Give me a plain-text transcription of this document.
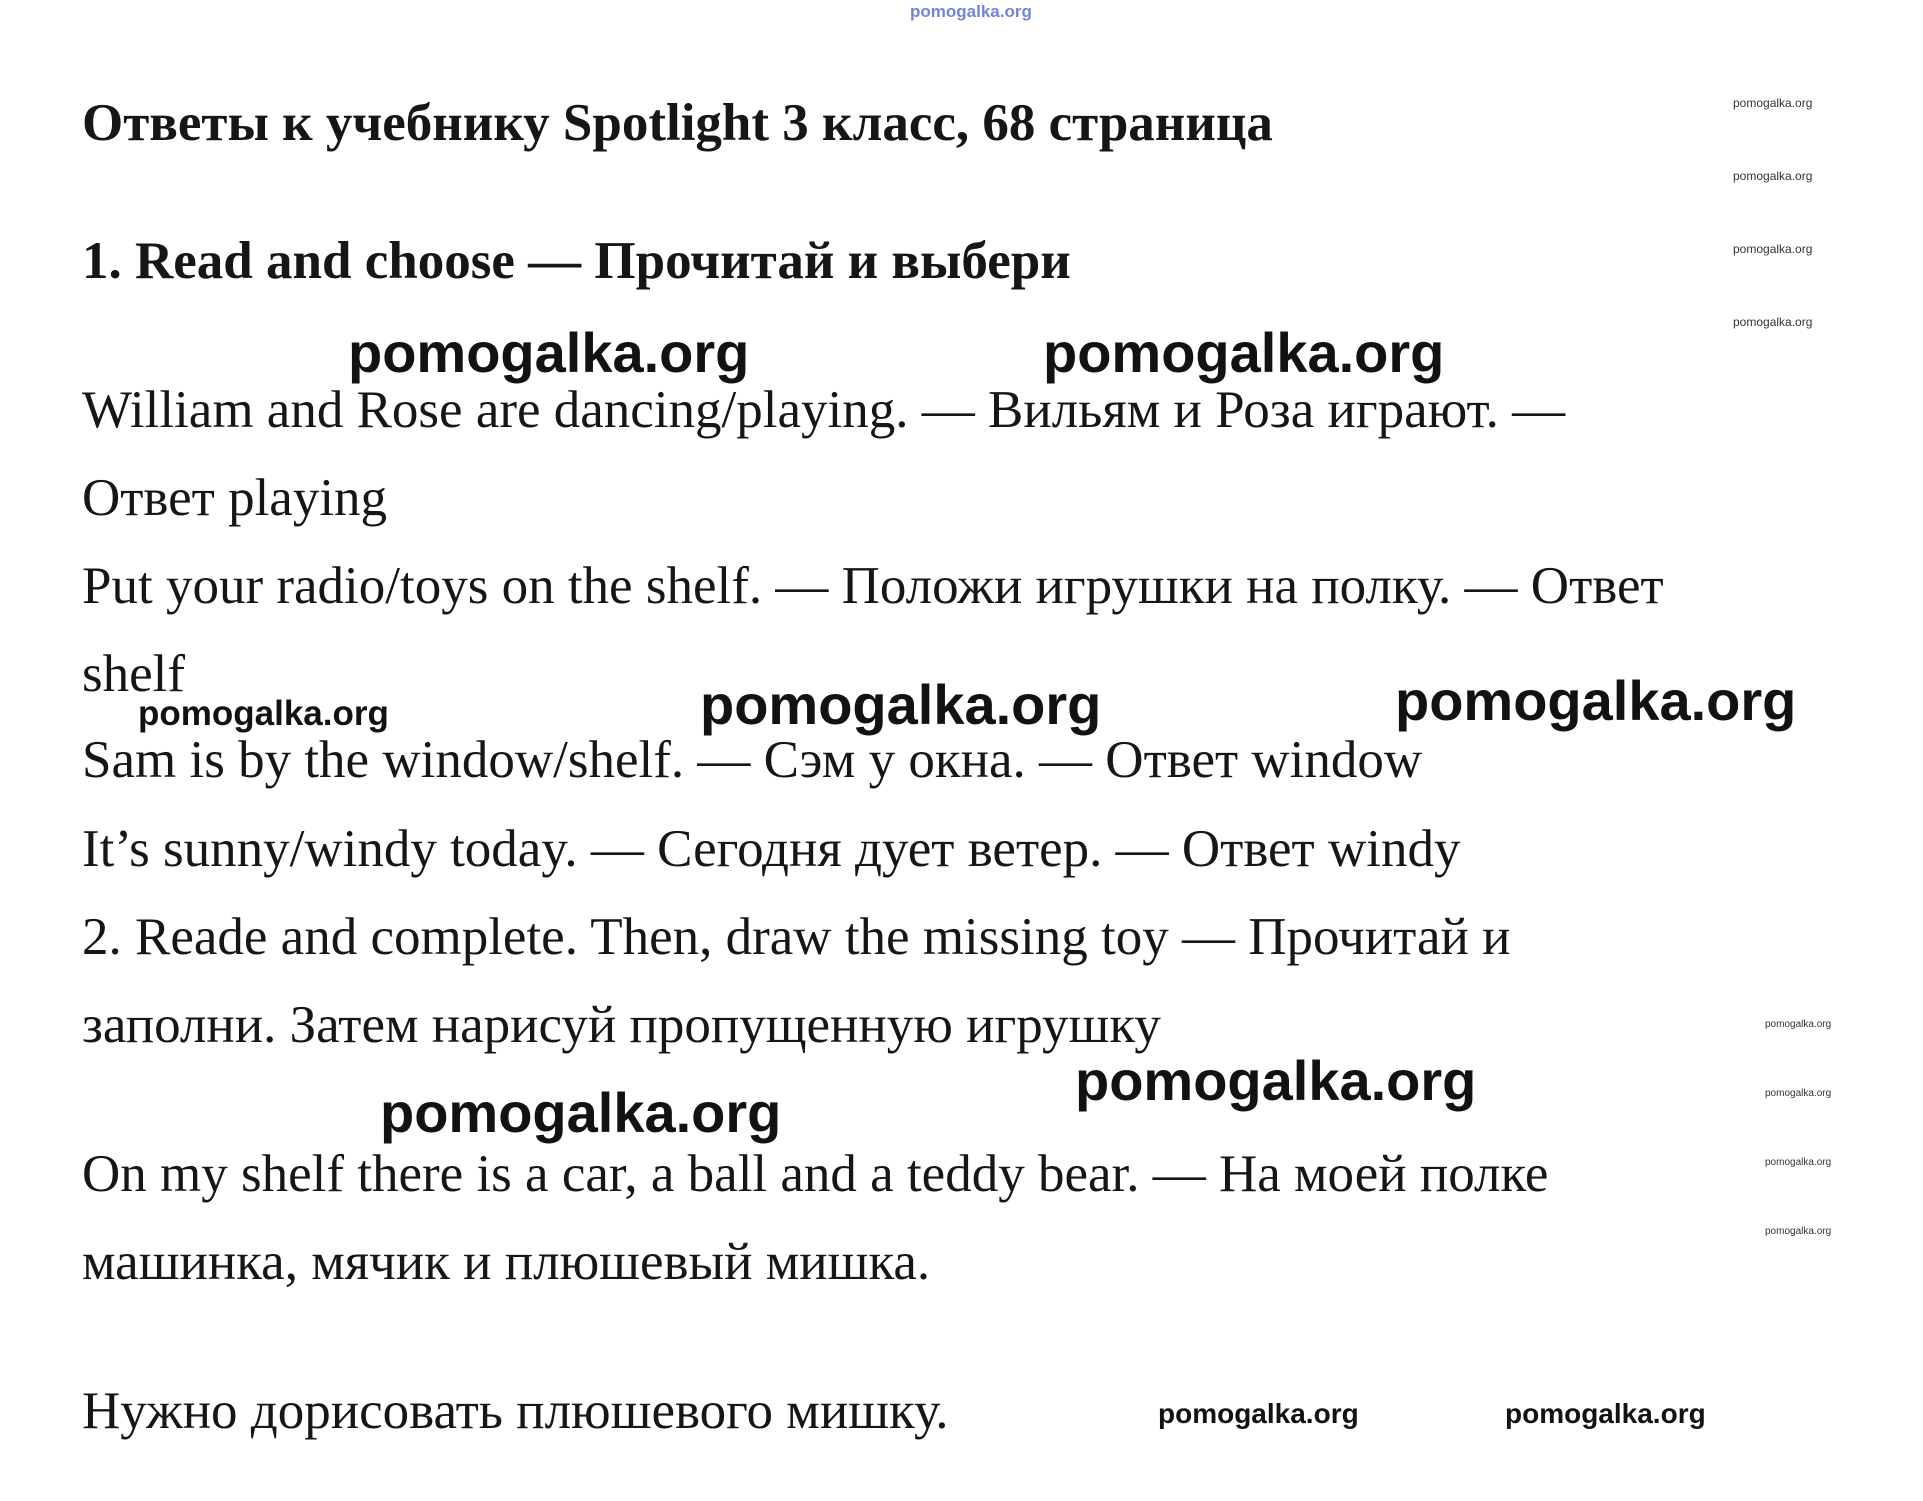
pomogalka.org
Ответы к учебнику Spotlight 3 класс, 68 страница	pomogalka.org
pomogalka.org
pomogalka.org
pomogalka.org
1. Read and choose — Прочитай и выбери
pomogalka.org	pomogalka.org
William and Rose are dancing/playing. — Вильям и Роза играют. —
Ответ playing
Put your radio/toys on the shelf. — Положи игрушки на полку. — Ответ
shelf
pomogalka.org	pomogalka.org	pomogalka.org
Sam is by the window/shelf. — Сэм у окна. — Ответ window
It’s sunny/windy today. — Сегодня дует ветер. — Ответ windy
2. Reade and complete. Then, draw the missing toy — Прочитай и
заполни. Затем нарисуй пропущенную игрушку	pomogalka.org
pomogalka.org
pomogalka.org
pomogalka.org
pomogalka.org
pomogalka.org
On my shelf there is a car, a ball and a teddy bear. — На моей полке
машинка, мячик и плюшевый мишка.
Нужно дорисовать плюшевого мишку.	pomogalka.org	pomogalka.org
